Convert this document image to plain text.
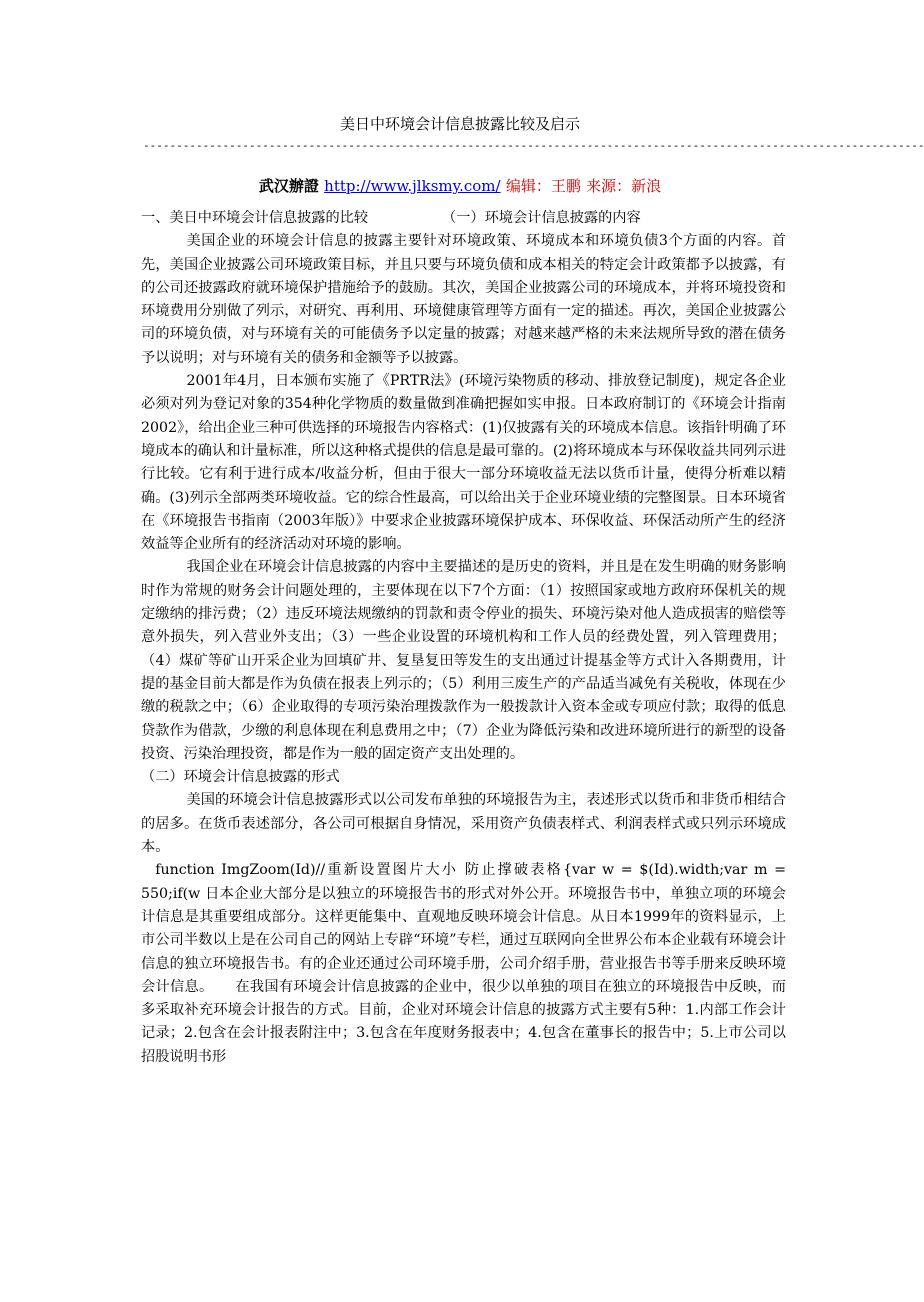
美日中环境会计信息披露比较及启示
----------------------------------------------------------------------------------------------------------------------
武汉辦證 http://www.jlksmy.com/ 编辑：王鹏 来源：新浪

一、美日中环境会计信息披露的比较	（一）环境会计信息披露的内容

美国企业的环境会计信息的披露主要针对环境政策、环境成本和环境负债3个方面的内容。首先，美国企业披露公司环境政策目标，并且只要与环境负债和成本相关的特定会计政策都予以披露，有的公司还披露政府就环境保护措施给予的鼓励。其次，美国企业披露公司的环境成本，并将环境投资和环境费用分别做了列示，对研究、再利用、环境健康管理等方面有一定的描述。再次，美国企业披露公司的环境负债，对与环境有关的可能债务予以定量的披露；对越来越严格的未来法规所导致的潜在债务予以说明；对与环境有关的债务和金额等予以披露。

2001年4月，日本颁布实施了《PRTR法》(环境污染物质的移动、排放登记制度)，规定各企业必须对列为登记对象的354种化学物质的数量做到准确把握如实申报。日本政府制订的《环境会计指南2002》，给出企业三种可供选择的环境报告内容格式：(1)仅披露有关的环境成本信息。该指针明确了环境成本的确认和计量标准，所以这种格式提供的信息是最可靠的。(2)将环境成本与环保收益共同列示进行比较。它有利于进行成本/收益分析，但由于很大一部分环境收益无法以货币计量，使得分析难以精确。(3)列示全部两类环境收益。它的综合性最高，可以给出关于企业环境业绩的完整图景。日本环境省在《环境报告书指南（2003年版）》中要求企业披露环境保护成本、环保收益、环保活动所产生的经济效益等企业所有的经济活动对环境的影响。

我国企业在环境会计信息披露的内容中主要描述的是历史的资料，并且是在发生明确的财务影响时作为常规的财务会计问题处理的，主要体现在以下7个方面：（1）按照国家或地方政府环保机关的规定缴纳的排污费；（2）违反环境法规缴纳的罚款和责令停业的损失、环境污染对他人造成损害的赔偿等意外损失，列入营业外支出；（3）一些企业设置的环境机构和工作人员的经费处置，列入管理费用；（4）煤矿等矿山开采企业为回填矿井、复垦复田等发生的支出通过计提基金等方式计入各期费用，计提的基金目前大都是作为负债在报表上列示的；（5）利用三废生产的产品适当减免有关税收，体现在少缴的税款之中；（6）企业取得的专项污染治理拨款作为一般拨款计入资本金或专项应付款；取得的低息贷款作为借款，少缴的利息体现在利息费用之中；（7）企业为降低污染和改进环境所进行的新型的设备投资、污染治理投资，都是作为一般的固定资产支出处理的。

（二）环境会计信息披露的形式

美国的环境会计信息披露形式以公司发布单独的环境报告为主，表述形式以货币和非货币相结合的居多。在货币表述部分，各公司可根据自身情况，采用资产负债表样式、利润表样式或只列示环境成本。

function ImgZoom(Id)//重新设置图片大小 防止撑破表格{var w = $(Id).width;var m = 550;if(w 日本企业大部分是以独立的环境报告书的形式对外公开。环境报告书中，单独立项的环境会计信息是其重要组成部分。这样更能集中、直观地反映环境会计信息。从日本1999年的资料显示，上市公司半数以上是在公司自己的网站上专辟“环境”专栏，通过互联网向全世界公布本企业载有环境会计信息的独立环境报告书。有的企业还通过公司环境手册，公司介绍手册，营业报告书等手册来反映环境会计信息。　　在我国有环境会计信息披露的企业中，很少以单独的项目在独立的环境报告中反映，而多采取补充环境会计报告的方式。目前，企业对环境会计信息的披露方式主要有5种：1.内部工作会计记录；2.包含在会计报表附注中；3.包含在年度财务报表中；4.包含在董事长的报告中；5.上市公司以招股说明书形
